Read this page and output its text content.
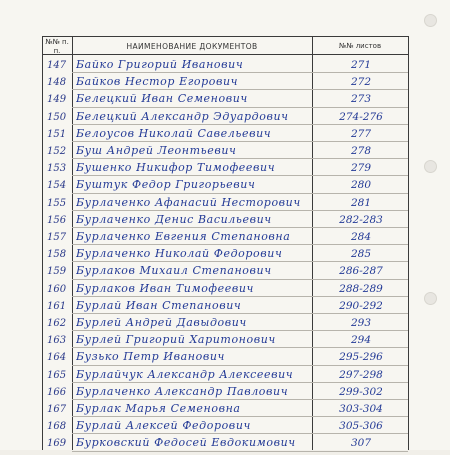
№№ п. п.	НАИМЕНОВАНИЕ ДОКУМЕНТОВ	№№ листов
147 Байко Григорий Иванович	271
148 Байков Нестор Егорович	272
149 Белецкий Иван Семенович	273
150 Белецкий Александр Эдуардович	274-276
151 Белоусов Николай Савельевич	277
152 Буш Андрей Леонтьевич	278
153 Бушенко Никифор Тимофеевич	279
154 Буштук Федор Григорьевич	280
155 Бурлаченко Афанасий Несторович	281
156 Бурлаченко Денис Васильевич	282-283
157 Бурлаченко Евгения Степановна	284
158 Бурлаченко Николай Федорович	285
159 Бурлаков Михаил Степанович	286-287
160 Бурлаков Иван Тимофеевич	288-289
161 Бурлай Иван Степанович	290-292
162 Бурлей Андрей Давыдович	293
163 Бурлей Григорий Харитонович	294
164 Бузько Петр Иванович	295-296
165 Бурлайчук Александр Алексеевич	297-298
166 Бурлаченко Александр Павлович	299-302
167 Бурлак Марья Семеновна	303-304
168 Бурлай Алексей Федорович	305-306
169 Бурковский Федосей Евдокимович	307
